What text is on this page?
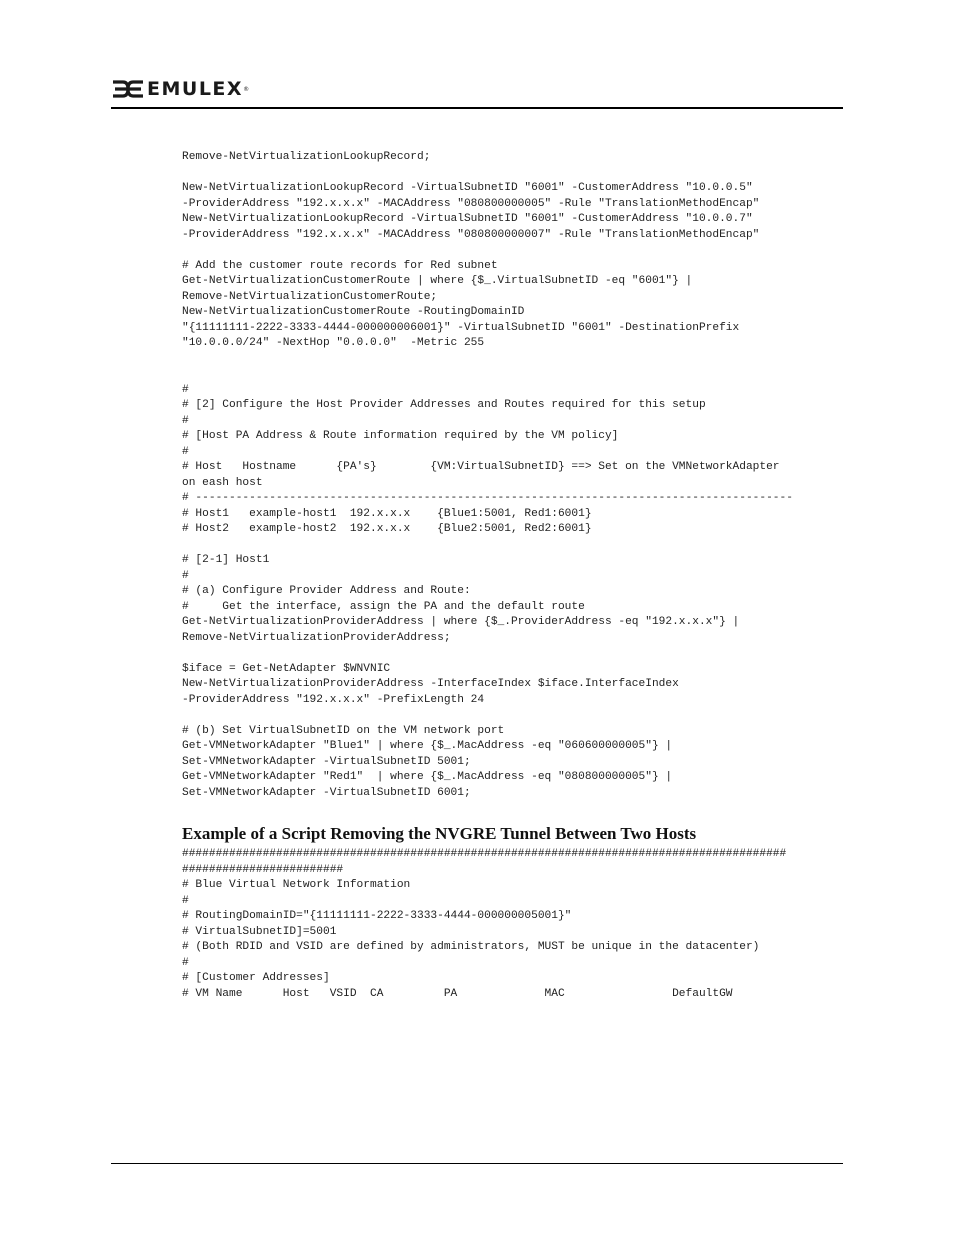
EMULEX ®
Remove-NetVirtualizationLookupRecord;
New-NetVirtualizationLookupRecord -VirtualSubnetID "6001" -CustomerAddress "10.0.0.5"
-ProviderAddress "192.x.x.x" -MACAddress "080800000005" -Rule "TranslationMethodEncap"
New-NetVirtualizationLookupRecord -VirtualSubnetID "6001" -CustomerAddress "10.0.0.7"
-ProviderAddress "192.x.x.x" -MACAddress "080800000007" -Rule "TranslationMethodEncap"
# Add the customer route records for Red subnet
Get-NetVirtualizationCustomerRoute | where {$_.VirtualSubnetID -eq "6001"} |
Remove-NetVirtualizationCustomerRoute;
New-NetVirtualizationCustomerRoute -RoutingDomainID
"{11111111-2222-3333-4444-000000006001}" -VirtualSubnetID "6001" -DestinationPrefix
"10.0.0.0/24" -NextHop "0.0.0.0"  -Metric 255
#
# [2] Configure the Host Provider Addresses and Routes required for this setup
#
# [Host PA Address & Route information required by the VM policy]
#
# Host   Hostname      {PA's}        {VM:VirtualSubnetID} ==> Set on the VMNetworkAdapter
on eash host
# -----------------------------------------------------------------------------------------
# Host1   example-host1  192.x.x.x    {Blue1:5001, Red1:6001}
# Host2   example-host2  192.x.x.x    {Blue2:5001, Red2:6001}
# [2-1] Host1
#
# (a) Configure Provider Address and Route:
#     Get the interface, assign the PA and the default route
Get-NetVirtualizationProviderAddress | where {$_.ProviderAddress -eq "192.x.x.x"} |
Remove-NetVirtualizationProviderAddress;
$iface = Get-NetAdapter $WNVNIC
New-NetVirtualizationProviderAddress -InterfaceIndex $iface.InterfaceIndex
-ProviderAddress "192.x.x.x" -PrefixLength 24
# (b) Set VirtualSubnetID on the VM network port
Get-VMNetworkAdapter "Blue1" | where {$_.MacAddress -eq "060600000005"} |
Set-VMNetworkAdapter -VirtualSubnetID 5001;
Get-VMNetworkAdapter "Red1"  | where {$_.MacAddress -eq "080800000005"} |
Set-VMNetworkAdapter -VirtualSubnetID 6001;
Example of a Script Removing the NVGRE Tunnel Between Two Hosts
##########################################################################################
########################
# Blue Virtual Network Information
#
# RoutingDomainID="{11111111-2222-3333-4444-000000005001}"
# VirtualSubnetID]=5001
# (Both RDID and VSID are defined by administrators, MUST be unique in the datacenter)
#
# [Customer Addresses]
# VM Name      Host   VSID  CA         PA             MAC                DefaultGW
